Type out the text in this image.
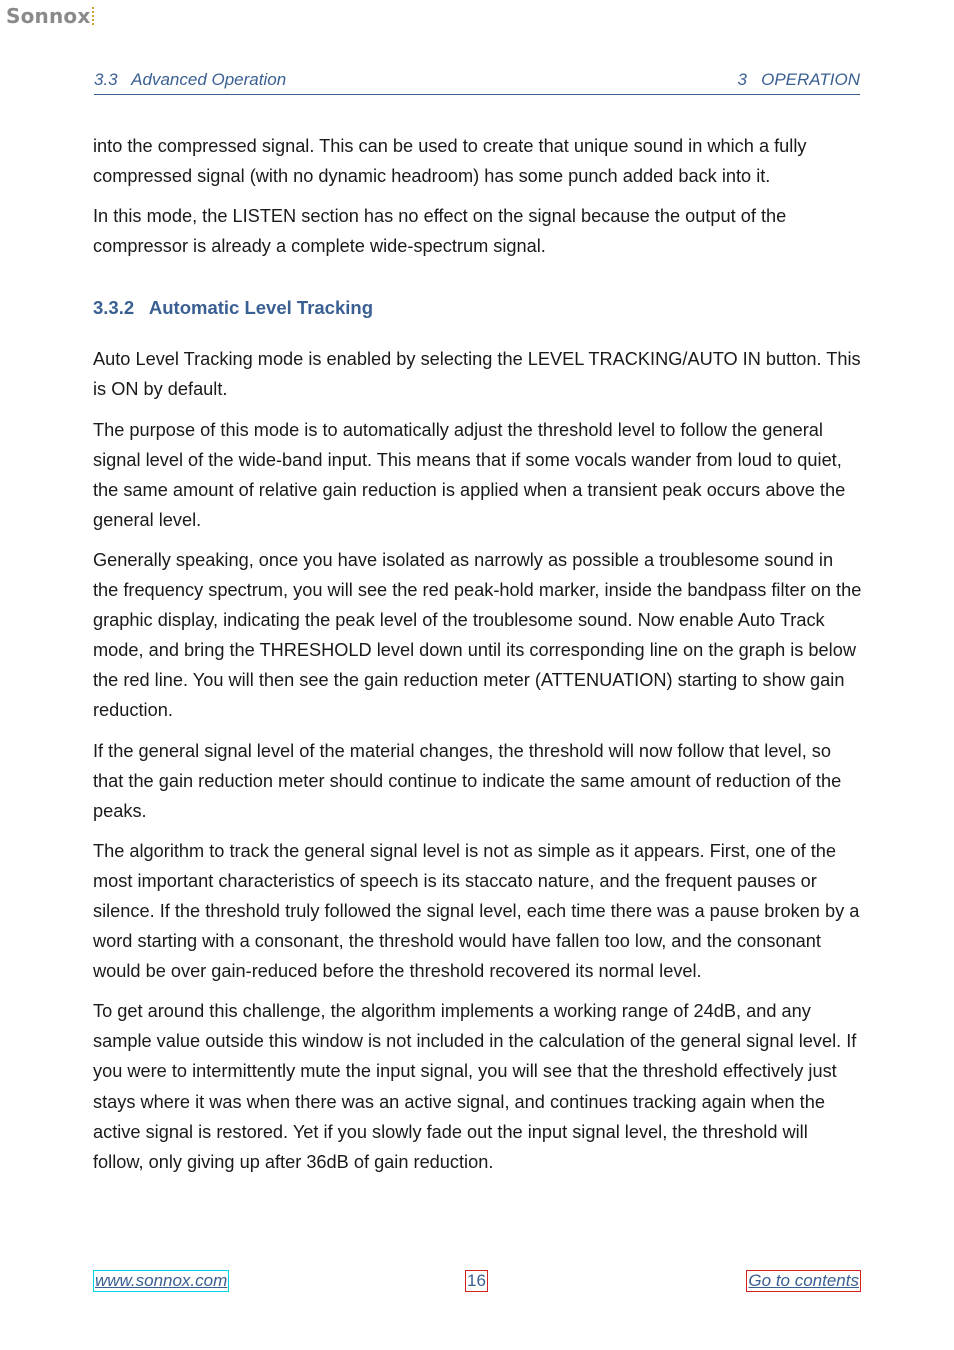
Sonnox
3.3   Advanced Operation	3   OPERATION

into the compressed signal. This can be used to create that unique sound in which a fully compressed signal (with no dynamic headroom) has some punch added back into it.

In this mode, the LISTEN section has no effect on the signal because the output of the compressor is already a complete wide-spectrum signal.

3.3.2   Automatic Level Tracking

Auto Level Tracking mode is enabled by selecting the LEVEL TRACKING/AUTO IN button. This is ON by default.

The purpose of this mode is to automatically adjust the threshold level to follow the general signal level of the wide-band input. This means that if some vocals wander from loud to quiet, the same amount of relative gain reduction is applied when a transient peak occurs above the general level.

Generally speaking, once you have isolated as narrowly as possible a troublesome sound in the frequency spectrum, you will see the red peak-hold marker, inside the bandpass filter on the graphic display, indicating the peak level of the troublesome sound. Now enable Auto Track mode, and bring the THRESHOLD level down until its corresponding line on the graph is below the red line. You will then see the gain reduction meter (ATTENUATION) starting to show gain reduction.

If the general signal level of the material changes, the threshold will now follow that level, so that the gain reduction meter should continue to indicate the same amount of reduction of the peaks.

The algorithm to track the general signal level is not as simple as it appears. First, one of the most important characteristics of speech is its staccato nature, and the frequent pauses or silence. If the threshold truly followed the signal level, each time there was a pause broken by a word starting with a consonant, the threshold would have fallen too low, and the consonant would be over gain-reduced before the threshold recovered its normal level.

To get around this challenge, the algorithm implements a working range of 24dB, and any sample value outside this window is not included in the calculation of the general signal level. If you were to intermittently mute the input signal, you will see that the threshold effectively just stays where it was when there was an active signal, and continues tracking again when the active signal is restored. Yet if you slowly fade out the input signal level, the threshold will follow, only giving up after 36dB of gain reduction.

www.sonnox.com	16	Go to contents
